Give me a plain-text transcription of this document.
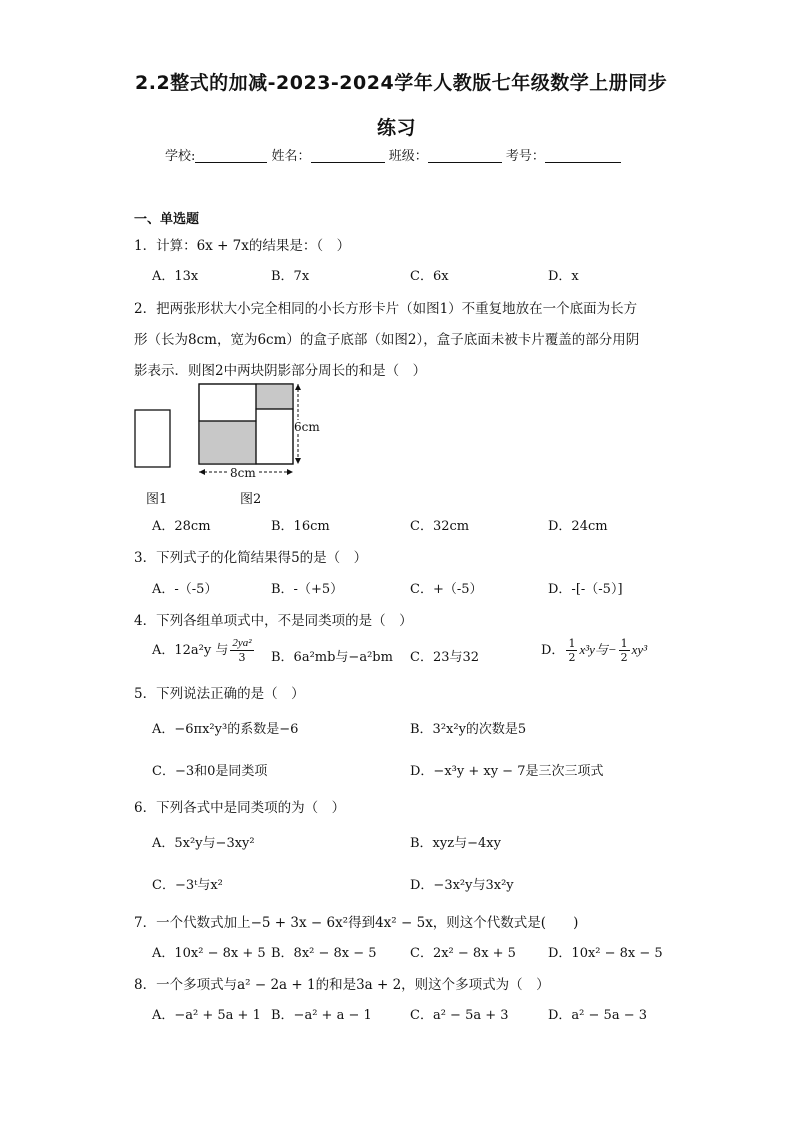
2.2整式的加减-2023-2024学年人教版七年级数学上册同步
练习
学校:	姓名：	班级：	考号：
一、单选题
1．计算：6x + 7x的结果是：（　）
A．13x	B．7x	C．6x	D．x
2．把两张形状大小完全相同的小长方形卡片（如图1）不重复地放在一个底面为长方
形（长为8cm，宽为6cm）的盒子底部（如图2），盒子底面未被卡片覆盖的部分用阴
影表示．则图2中两块阴影部分周长的和是（　）
6cm
8cm
图1	图2
A．28cm	B．16cm	C．32cm	D．24cm
3．下列式子的化简结果得5的是（　）
A．-（-5）	B．-（+5）	C．+（-5）	D．-[-（-5）]
4．下列各组单项式中，不是同类项的是（　）
A．12a²y 与 $\frac{\text{2ya²}}{3}$ B．6a²mb与−a²bm C．23与32	D． $\frac{1}{2} x^3y$与− $\frac{1}{2} xy^3$
5．下列说法正确的是（　）
A．−6πx²y³的系数是−6	B．3²x²y的次数是5
C．−3和0是同类项	D．−x³y + xy − 7是三次三项式
6．下列各式中是同类项的为（　）
A．5x²y与−3xy²	B．xyz与−4xy
C．−3ᵗ与x²	D．−3x²y与3x²y
7．一个代数式加上−5 + 3x − 6x²得到4x² − 5x，则这个代数式是(　　)
A．10x² − 8x + 5 B．8x² − 8x − 5	C．2x² − 8x + 5 D．10x² − 8x − 5
8．一个多项式与a² − 2a + 1的和是3a + 2，则这个多项式为（　）
A．−a² + 5a + 1 B．−a² + a − 1	C．a² − 5a + 3	D．a² − 5a − 3
